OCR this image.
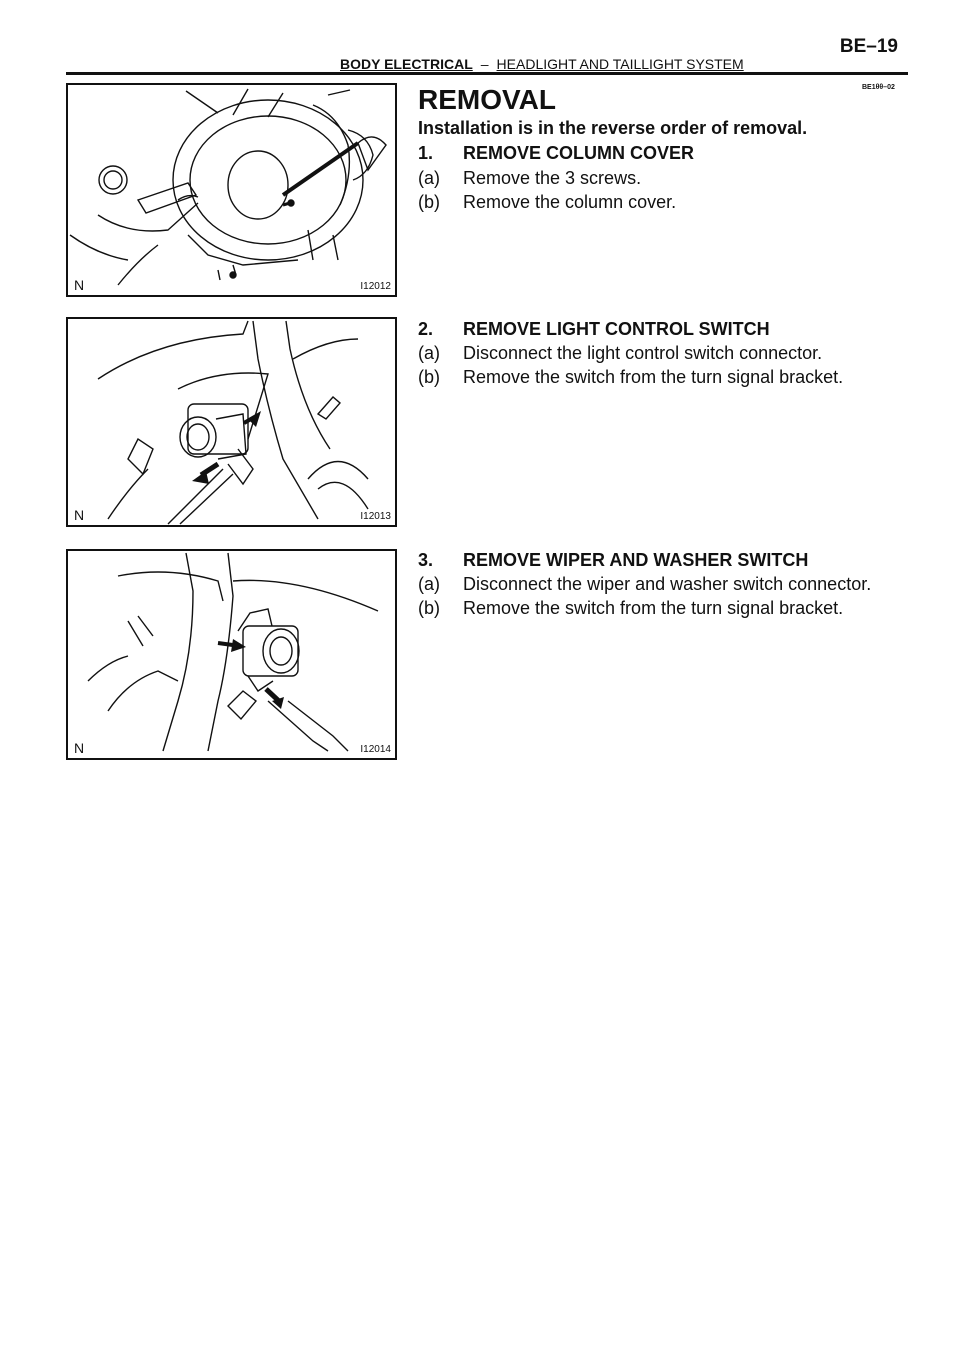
BE–19
BODY ELECTRICAL – HEADLIGHT AND TAILLIGHT SYSTEM
BE1θθ–02
N	I12012
N	I12013
N	I12014
REMOVAL
Installation is in the reverse order of removal.
1. REMOVE COLUMN COVER
(a) Remove the 3 screws.
(b) Remove the column cover.
2. REMOVE LIGHT CONTROL SWITCH
(a) Disconnect the light control switch connector.
(b) Remove the switch from the turn signal bracket.
3. REMOVE WIPER AND WASHER SWITCH
(a) Disconnect the wiper and washer switch connector.
(b) Remove the switch from the turn signal bracket.
